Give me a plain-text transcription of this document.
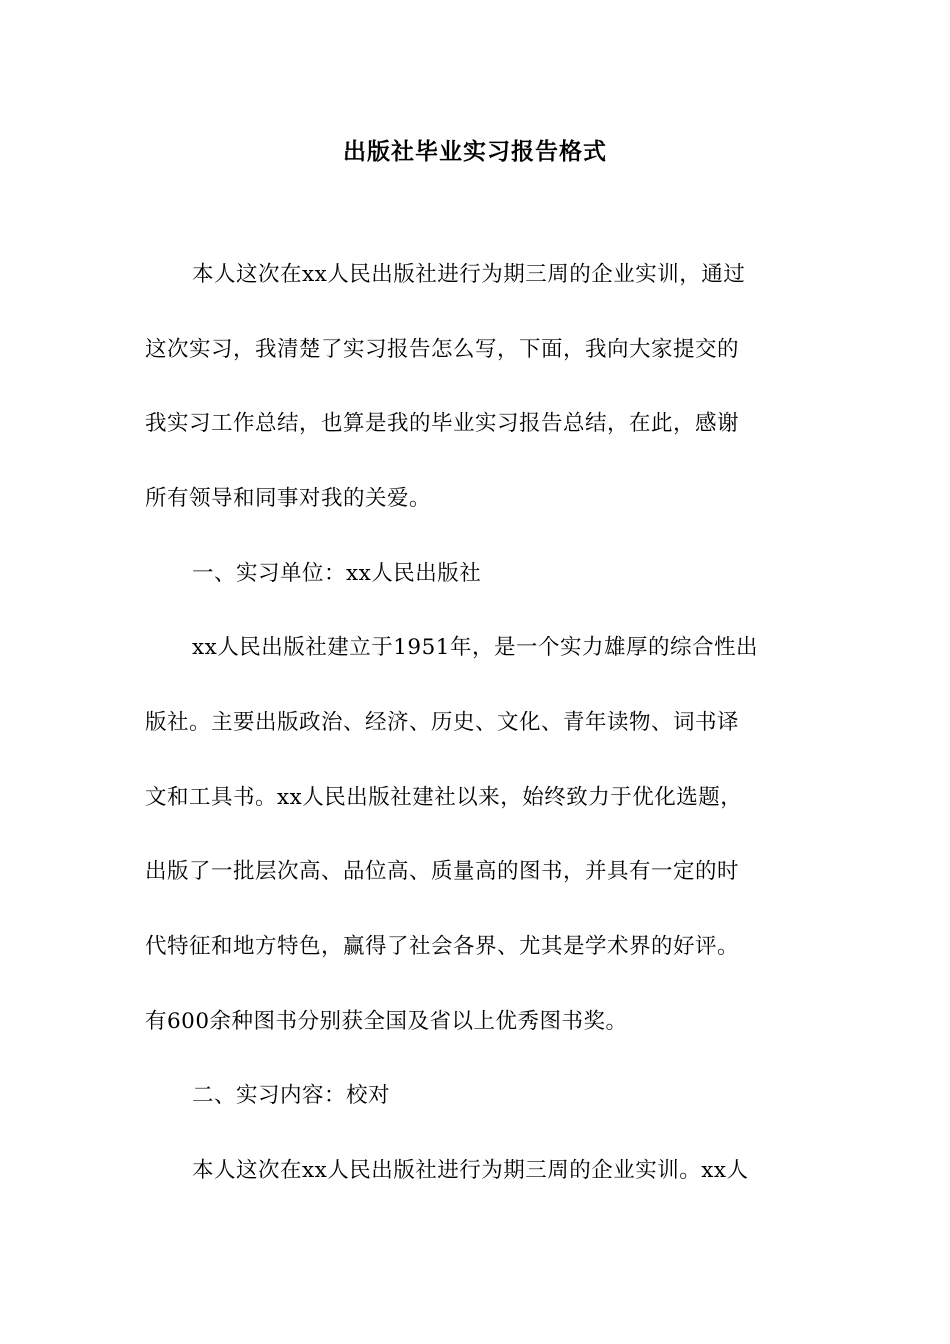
出版社毕业实习报告格式
本人这次在xx人民出版社进行为期三周的企业实训，通过
这次实习，我清楚了实习报告怎么写，下面，我向大家提交的
我实习工作总结，也算是我的毕业实习报告总结，在此，感谢
所有领导和同事对我的关爱。
一、实习单位：xx人民出版社
xx人民出版社建立于1951年，是一个实力雄厚的综合性出
版社。主要出版政治、经济、历史、文化、青年读物、词书译
文和工具书。xx人民出版社建社以来，始终致力于优化选题，
出版了一批层次高、品位高、质量高的图书，并具有一定的时
代特征和地方特色，赢得了社会各界、尤其是学术界的好评。
有600余种图书分别获全国及省以上优秀图书奖。
二、实习内容：校对
本人这次在xx人民出版社进行为期三周的企业实训。xx人
